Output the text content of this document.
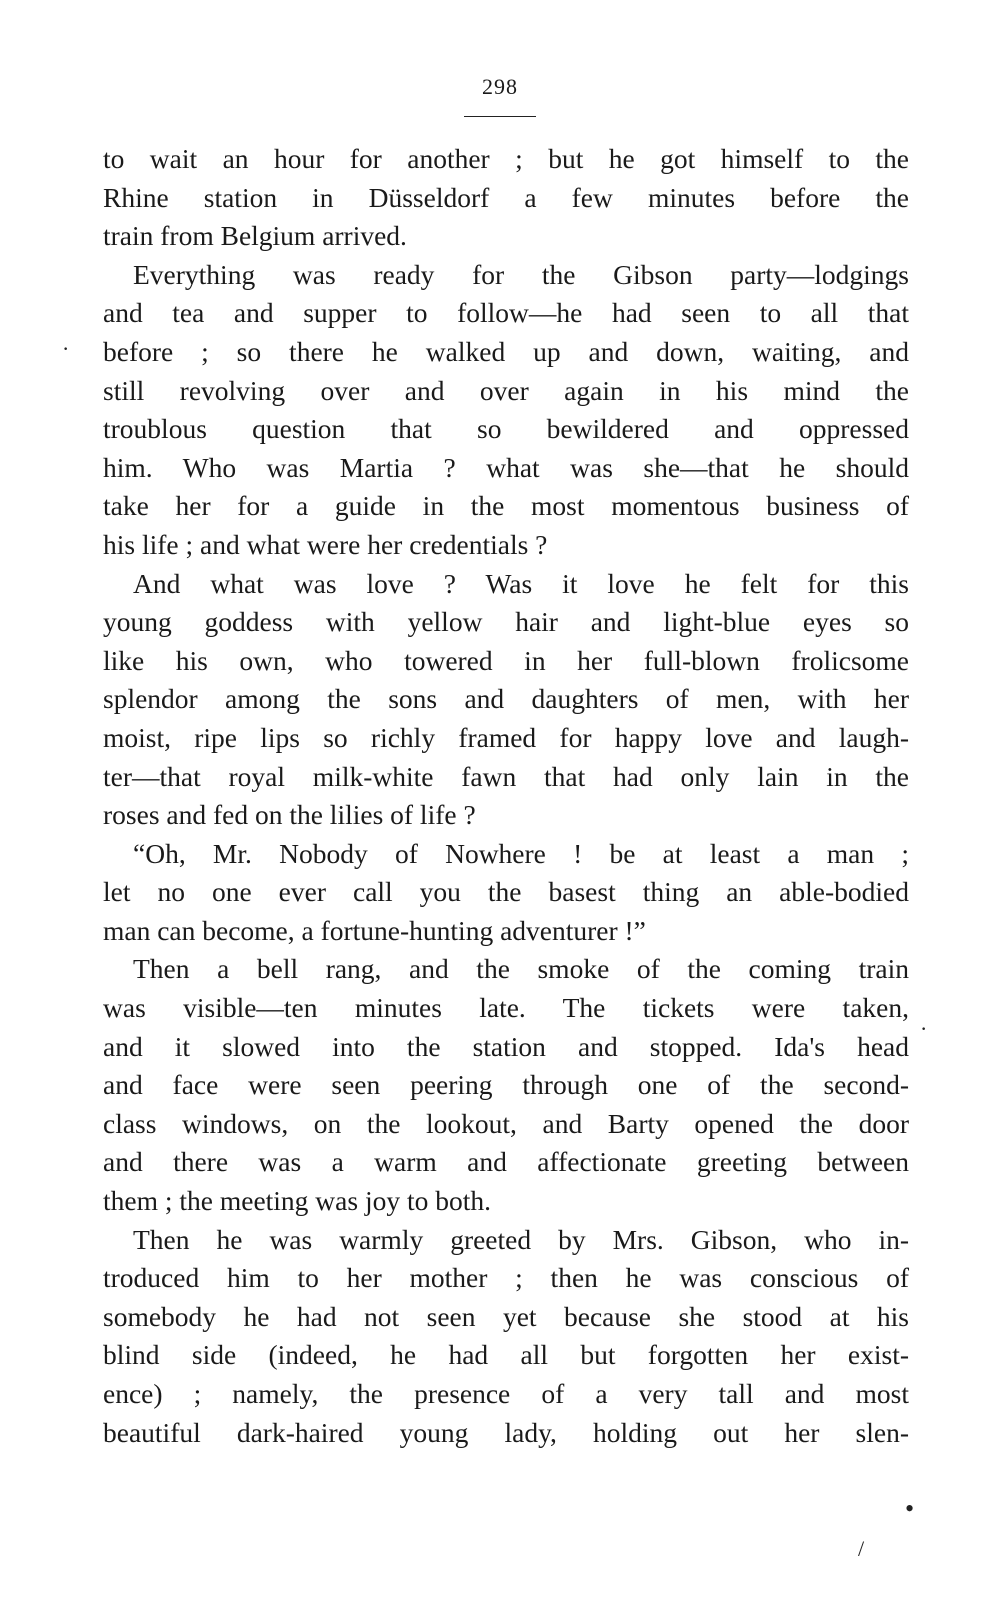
298
to wait an hour for another ; but he got himself to the
Rhine station in Düsseldorf a few minutes before the
train from Belgium arrived.
Everything was ready for the Gibson party—lodgings
and tea and supper to follow—he had seen to all that
before ; so there he walked up and down, waiting, and
still revolving over and over again in his mind the
troublous question that so bewildered and oppressed
him. Who was Martia ? what was she—that he should
take her for a guide in the most momentous business of
his life ; and what were her credentials ?
And what was love ? Was it love he felt for this
young goddess with yellow hair and light-blue eyes so
like his own, who towered in her full-blown frolicsome
splendor among the sons and daughters of men, with her
moist, ripe lips so richly framed for happy love and laugh-
ter—that royal milk-white fawn that had only lain in the
roses and fed on the lilies of life ?
“Oh, Mr. Nobody of Nowhere ! be at least a man ;
let no one ever call you the basest thing an able-bodied
man can become, a fortune-hunting adventurer !”
Then a bell rang, and the smoke of the coming train
was visible—ten minutes late. The tickets were taken,
and it slowed into the station and stopped. Ida's head
and face were seen peering through one of the second-
class windows, on the lookout, and Barty opened the door
and there was a warm and affectionate greeting between
them ; the meeting was joy to both.
Then he was warmly greeted by Mrs. Gibson, who in-
troduced him to her mother ; then he was conscious of
somebody he had not seen yet because she stood at his
blind side (indeed, he had all but forgotten her exist-
ence) ; namely, the presence of a very tall and most
beautiful dark-haired young lady, holding out her slen-
·
·
•
/
